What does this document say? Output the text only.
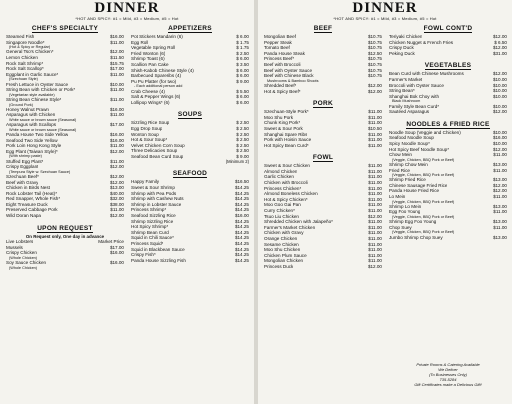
DINNER
*HOT AND SPICY: #1 = Mild, #3 = Medium, #5 = Hot
CHEF'S SPECIALTY
Steamed Fish	$16.00
Singapore Noodle*	$11.00
(Hot & Spicy or Regular)
General Tso's Chicken*	$12.00
Lemon Chicken	$11.50
Rock Salt Shrimp*	$15.75
Rock Salt Scallop*	$17.00
Eggplant in Garlic Sauce*	$11.00
(Szechuan Style)
Fresh Lettuce in Oyster Sauce	$10.00
String Bean with Chicken or Pork*	$11.00
(Vegetarian style available)
String Bean Chinese Style*	$11.00
(Ground Pork)
Honey Walnut Prawn	$16.00
Asparagus with Chicken	$11.00
White sauce or brown sauce (Seasonal)
Asparagus with Scallops	$17.00
White sauce or brown sauce (Seasonal)
Panda House Two Side Yellow	$16.00
Seafood Two Side Yellow	$16.00
Pork Loin Hong Kong Style	$11.00
Egg Plant (Taiwan Style)*	$12.00
(With shrimp paste)
Stuffed Egg Plant*	$11.00
Crispy Eggplant	$12.00
(Tempura Style w. Szechuan Sauce)
Szechuan Beef*	$12.00
Beef with Gravy	$12.00
Chicken in Birds Nest	$13.00
Rock Lobster Tail (Heat)*	$40.00
Red Snapper, Whole Fish*	$32.00
Eight Treasure Duck	$38.00
Preserved Cabbage Pork	$11.00
Wild Doran Napa	$12.00
UPON REQUEST
On Request only, One day in advance
Live Lobsters	Market Price
Mussels	$17.00
Crispy Chicken	$16.00
(Whole Chicken)
Soy Sauce Chicken	$16.00
(Whole Chicken)
APPETIZERS
Pot Stickers Mandarin (6)	$ 6.00
Egg Roll	$ 1.75
Vegetable Spring Roll	$ 1.75
Fried Wonton (6)	$ 2.50
Shrimp Toast (6)	$ 6.00
Scallion Pan Cake	$ 3.50
Shish-Kabob Chinese Style (4)	$ 6.00
Barbecued Spareribs (4)	$ 6.00
Pu Pu Platter (for two)	$ 9.00
- Each additional person add
Crab Cheese (4)	$ 5.50
Salt & Pepper Wings (6)	$ 6.00
Lollipop Wings* (6)	$ 6.00
SOUPS
Sizzling Rice Soup	$ 2.50
Egg Drop Soup	$ 2.50
Wonton Soup	$ 2.50
Hot & Sour Soup*	$ 2.50
Velvet Chicken Corn Soup	$ 2.50
Three Delicacies Soup	$ 2.50
Seafood Bean Curd Soup	$ 9.00
(Minimum 2)
SEAFOOD
Happy Family	$16.50
Sweet & Sour Shrimp	$14.25
Shrimp with Pea Pods	$14.25
Shrimp with Cashew Nuts	$14.25
Shrimp in Lobster Sauce	$14.25
Princess Shrimp*	$14.25
Seafood Sizzling Rice	$16.00
Shrimp Sizzling Rice	$14.25
Hot Spicy Shrimp*	$14.25
Shrimp Bean Curd	$14.25
Squid in Chili Sauce*	$14.25
Princess Squid*	$14.25
Squid in Blackbean Sauce	$14.25
Crispy Fish*	$14.25
Panda House Sizzling Fish	$14.25
DINNER
*HOT AND SPICY: #1 = Mild, #3 = Medium, #5 = Hot
BEEF
Mongolian Beef	$10.75
Pepper Steak	$10.75
Tomato Beef	$10.75
Panda House Steak	$12.50
Princess Beef*	$10.75
Beef with Broccoli	$10.75
Beef with Oyster Sauce	$10.75
Beef with Chinese Black	$10.75
Mushrooms & Bamboo Shoots
Shredded Beef*	$12.00
Hot & Spicy Beef*	$12.00
PORK
Szechuan-Style Pork*	$11.00
Moo Shu Pork	$11.00
Chunk King Pork*	$11.00
Sweet & Sour Pork	$10.50
Shanghai Spare Ribs	$11.00
Pork with Hoisin Sauce	$11.00
Hot Spicy Bean Curd*	$11.00
FOWL
Sweet & Sour Chicken	$11.00
Almond Chicken	$11.00
Garlic Chicken	$11.00
Chicken with Broccoli	$11.00
Princess Chicken*	$11.00
Almond Boneless Chicken	$11.00
Hot & Spicy Chicken*	$11.00
Moo Goo Gai Pan	$11.00
Curry Chicken*	$11.00
Tsuo Liu Chicken	$12.00
Shredded Chicken with Jalapeño*	$11.00
Farmer's Market Chicken	$11.00
Chicken with Gravy	$11.00
Orange Chicken	$11.00
Sesame Chicken	$11.00
Moo Shu Chicken	$11.00
Chicken Plum Sauce	$11.00
Mongolian Chicken	$11.00
Princess Duck	$12.00
FOWL CONT'D
Teriyaki Chicken	$12.00
Chicken Nugget & French Fries	$ 6.50
Crispy Duck	$12.00
Peking Duck	$31.00
VEGETABLES
Bean Curd with Chinese Mushrooms	$12.00
Farmer's Market	$10.00
Broccoli with Oyster Sauce	$10.00
String Bean*	$10.00
Shanghai Bok Choy with	$10.00
Black Mushroom
Family Style Bean Curd*	$10.00
Sautéed Asparagus	$12.00
NOODLES & FRIED RICE
Noodle Soup (Veggie and Chicken)	$10.00
Seafood Noodle Soup	$16.00
Spicy Noodle Soup*	$10.00
Hot Spicy Beef Noodle Soup*	$12.00
Chow Mein	$11.00
(Veggie, Chicken, BBQ Pork or Beef)
Shrimp Chow Mein	$13.00
Fried Rice	$11.00
(Veggie, Chicken, BBQ Pork or Beef)
Shrimp Fried Rice	$13.00
Chinese Sausage Fried Rice	$12.00
Panda House Fried Rice	$12.00
Lo Mein	$11.00
(Veggie, Chicken, BBQ Pork or Beef)
Shrimp Lo Mein	$13.00
Egg Foo Young	$11.00
(Veggie, Chicken, BBQ Pork or Beef)
Shrimp Egg Foo Young	$13.00
Chop Suey	$11.00
(Veggie, Chicken, BBQ Pork or Beef)
Jumbo Shrimp Chop Suey	$13.00
Private Rooms & Catering Available
We Deliver
(To Businesses Only)
735-5284
Gift Certificates make a Delicious Gift!
